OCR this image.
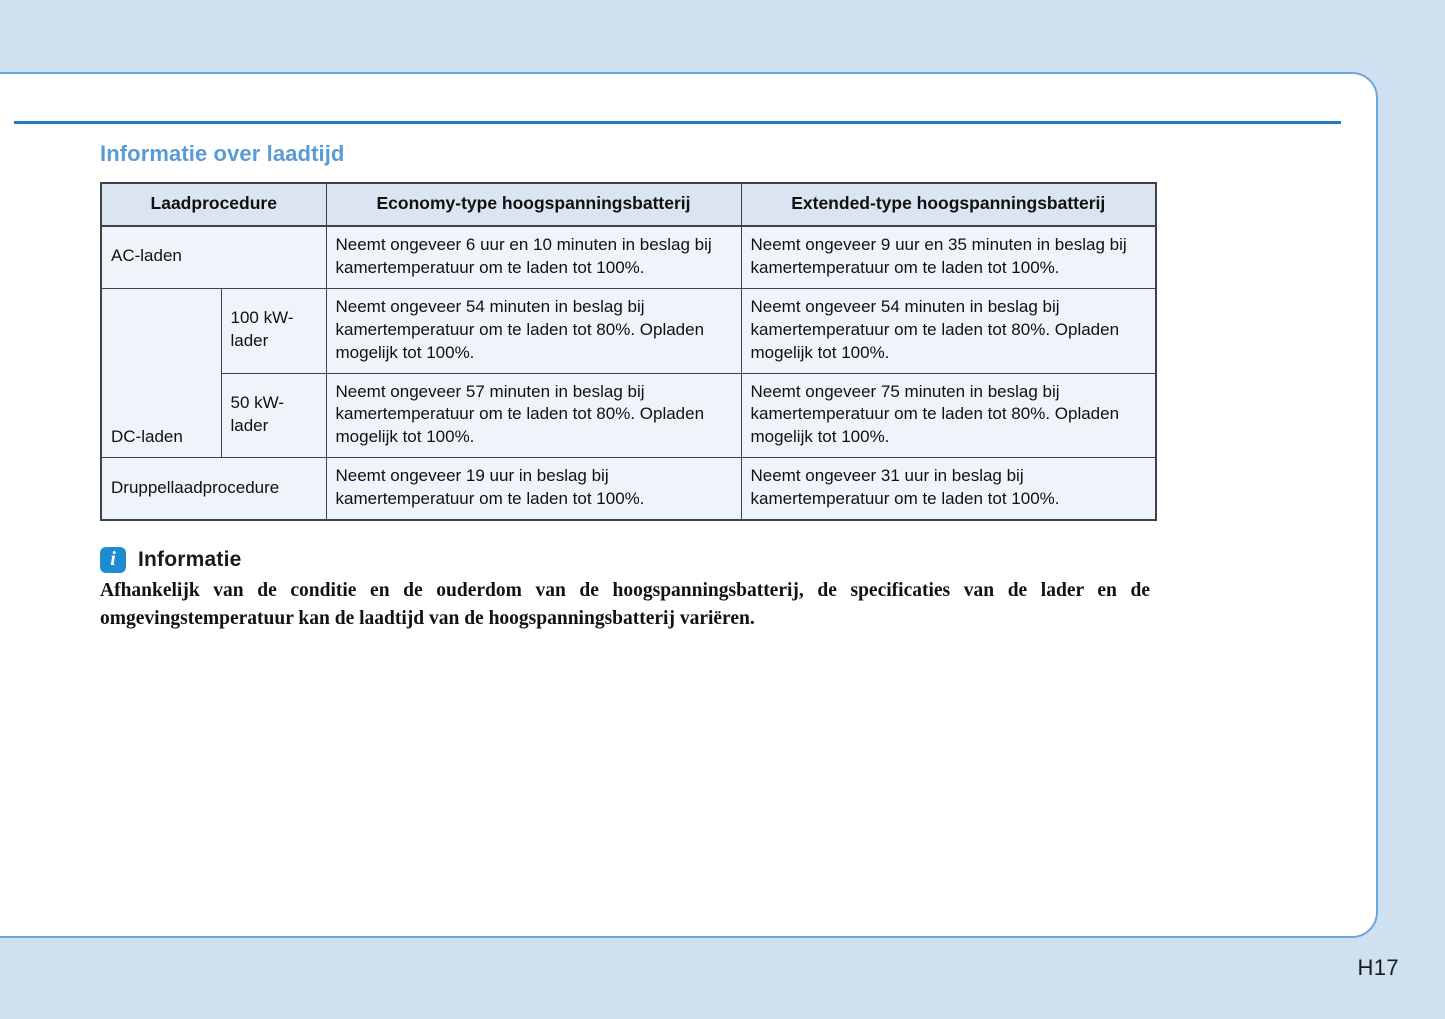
Informatie over laadtijd
Laadprocedure		Economy-type hoogspanningsbatterij	Extended-type hoogspanningsbatterij
AC-laden		Neemt ongeveer 6 uur en 10 minuten in beslag bij kamertemperatuur om te laden tot 100%.	Neemt ongeveer 9 uur en 35 minuten in beslag bij kamertemperatuur om te laden tot 100%.
DC-laden	100 kW-lader	Neemt ongeveer 54 minuten in beslag bij kamertemperatuur om te laden tot 80%. Opladen mogelijk tot 100%.	Neemt ongeveer 54 minuten in beslag bij kamertemperatuur om te laden tot 80%. Opladen mogelijk tot 100%.
	50 kW-lader	Neemt ongeveer 57 minuten in beslag bij kamertemperatuur om te laden tot 80%. Opladen mogelijk tot 100%.	Neemt ongeveer 75 minuten in beslag bij kamertemperatuur om te laden tot 80%. Opladen mogelijk tot 100%.
Druppellaadprocedure		Neemt ongeveer 19 uur in beslag bij kamertemperatuur om te laden tot 100%.	Neemt ongeveer 31 uur in beslag bij kamertemperatuur om te laden tot 100%.
i Informatie
Afhankelijk van de conditie en de ouderdom van de hoogspanningsbatterij, de specificaties van de lader en de omgevingstemperatuur kan de laadtijd van de hoogspanningsbatterij variëren.
H17
